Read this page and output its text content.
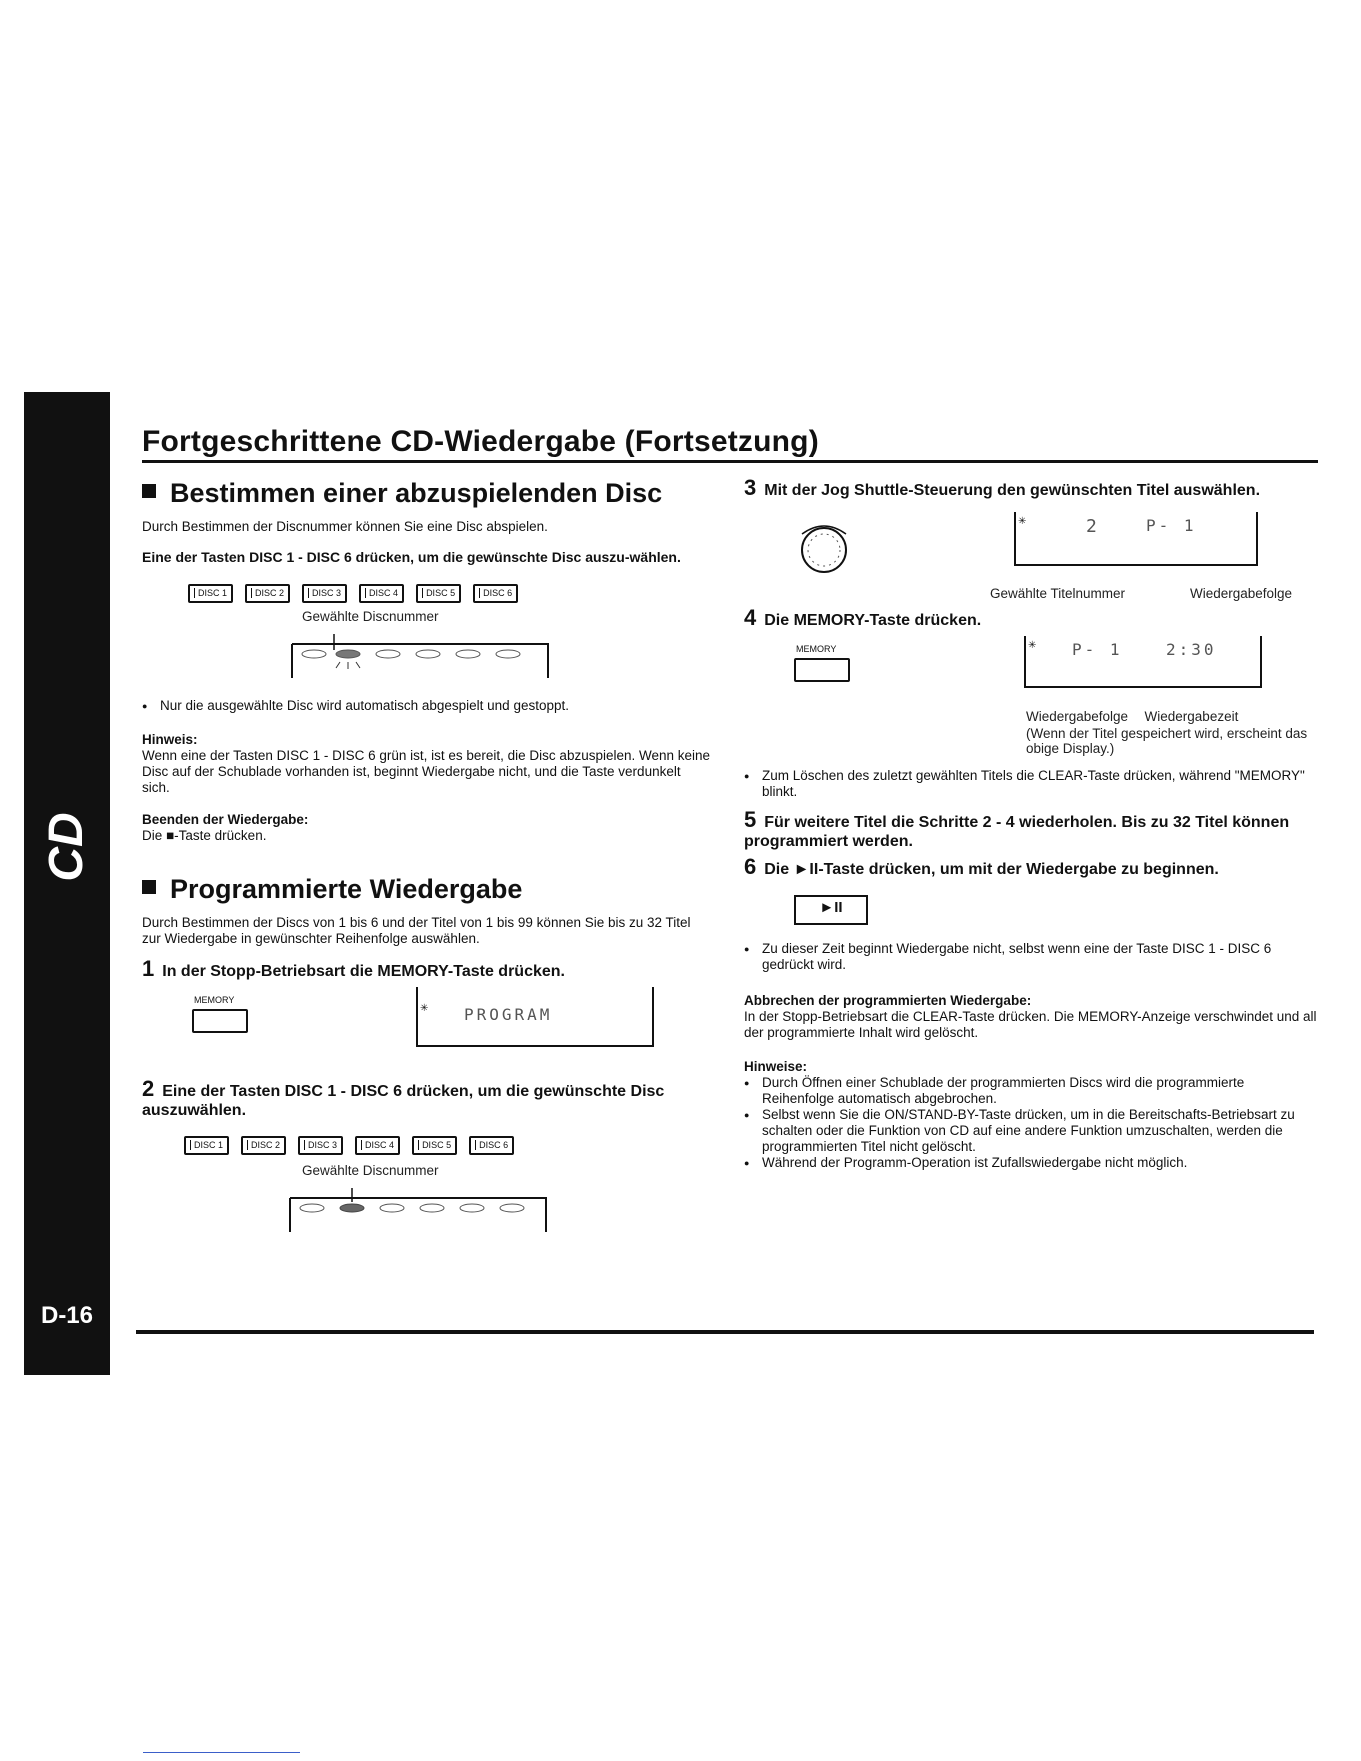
CD
D-16
Fortgeschrittene CD-Wiedergabe (Fortsetzung)
Bestimmen einer abzuspielenden Disc

Durch Bestimmen der Discnummer können Sie eine Disc abspielen.

Eine der Tasten DISC 1 - DISC 6 drücken, um die gewünschte Disc auszu-wählen.

DISC 1	DISC 2	DISC 3	DISC 4	DISC 5	DISC 6
Gewählte Discnummer
● Nur die ausgewählte Disc wird automatisch abgespielt und gestoppt.

Hinweis:

Wenn eine der Tasten DISC 1 - DISC 6 grün ist, ist es bereit, die Disc abzuspielen. Wenn keine Disc auf der Schublade vorhanden ist, beginnt Wiedergabe nicht, und die Taste verdunkelt sich.

Beenden der Wiedergabe:

Die ■-Taste drücken.

Programmierte Wiedergabe

Durch Bestimmen der Discs von 1 bis 6 und der Titel von 1 bis 99 können Sie bis zu 32 Titel zur Wiedergabe in gewünschter Reihenfolge auswählen.

1 In der Stopp-Betriebsart die MEMORY-Taste drücken.

MEMORY
✳ PROGRAM

2 Eine der Tasten DISC 1 - DISC 6 drücken, um die gewünschte Disc auszuwählen.

DISC 1	DISC 2	DISC 3	DISC 4	DISC 5	DISC 6
Gewählte Discnummer

3 Mit der Jog Shuttle-Steuerung den gewünschten Titel auswählen.

✳	2	P- 1
Gewählte Titelnummer	Wiedergabefolge

4 Die MEMORY-Taste drücken.

MEMORY	✳ P- 1	2:30
Wiedergabefolge Wiedergabezeit
(Wenn der Titel gespeichert wird, erscheint das obige Display.)
● Zum Löschen des zuletzt gewählten Titels die CLEAR-Taste drücken, während "MEMORY" blinkt.

5 Für weitere Titel die Schritte 2 - 4 wiederholen. Bis zu 32 Titel können programmiert werden.

6 Die ►II-Taste drücken, um mit der Wiedergabe zu beginnen.

►II
● Zu dieser Zeit beginnt Wiedergabe nicht, selbst wenn eine der Taste DISC 1 - DISC 6 gedrückt wird.

Abbrechen der programmierten Wiedergabe:

In der Stopp-Betriebsart die CLEAR-Taste drücken. Die MEMORY-Anzeige verschwindet und all der programmierte Inhalt wird gelöscht.

Hinweise:

● Durch Öffnen einer Schublade der programmierten Discs wird die programmierte Reihenfolge automatisch abgebrochen.
● Selbst wenn Sie die ON/STAND-BY-Taste drücken, um in die Bereitschafts-Betriebsart zu schalten oder die Funktion von CD auf eine andere Funktion umzuschalten, werden die programmierten Titel nicht gelöscht.
● Während der Programm-Operation ist Zufallswiedergabe nicht möglich.
